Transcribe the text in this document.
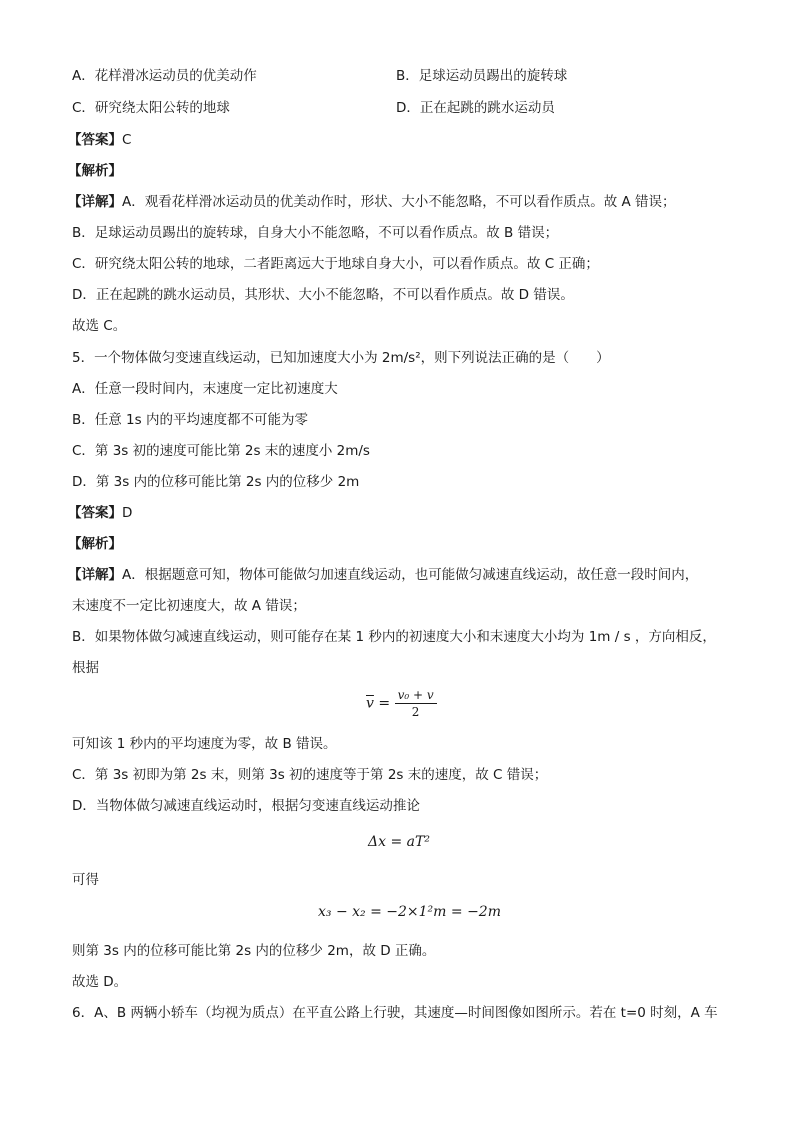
A．花样滑冰运动员的优美动作	B．足球运动员踢出的旋转球
C．研究绕太阳公转的地球	D．正在起跳的跳水运动员
【答案】C
【解析】
【详解】A．观看花样滑冰运动员的优美动作时，形状、大小不能忽略，不可以看作质点。故 A 错误；
B．足球运动员踢出的旋转球，自身大小不能忽略，不可以看作质点。故 B 错误；
C．研究绕太阳公转的地球，二者距离远大于地球自身大小，可以看作质点。故 C 正确；
D．正在起跳的跳水运动员，其形状、大小不能忽略，不可以看作质点。故 D 错误。
故选 C。
5．一个物体做匀变速直线运动，已知加速度大小为 2m/s²，则下列说法正确的是（　　）
A．任意一段时间内，末速度一定比初速度大
B．任意 1s 内的平均速度都不可能为零
C．第 3s 初的速度可能比第 2s 末的速度小 2m/s
D．第 3s 内的位移可能比第 2s 内的位移少 2m
【答案】D
【解析】
【详解】A．根据题意可知，物体可能做匀加速直线运动，也可能做匀减速直线运动，故任意一段时间内，
末速度不一定比初速度大，故 A 错误；
B．如果物体做匀减速直线运动，则可能存在某 1 秒内的初速度大小和末速度大小均为 1m / s ，方向相反，
根据
$\overline{v} = \frac{\text{v₀ + v}}{2}$
可知该 1 秒内的平均速度为零，故 B 错误。
C．第 3s 初即为第 2s 末，则第 3s 初的速度等于第 2s 末的速度，故 C 错误；
D．当物体做匀减速直线运动时，根据匀变速直线运动推论
Δx = aT²
可得
x₃ − x₂ = −2×1²m = −2m
则第 3s 内的位移可能比第 2s 内的位移少 2m，故 D 正确。
故选 D。
6．A、B 两辆小轿车（均视为质点）在平直公路上行驶，其速度—时间图像如图所示。若在 t=0 时刻，A 车
